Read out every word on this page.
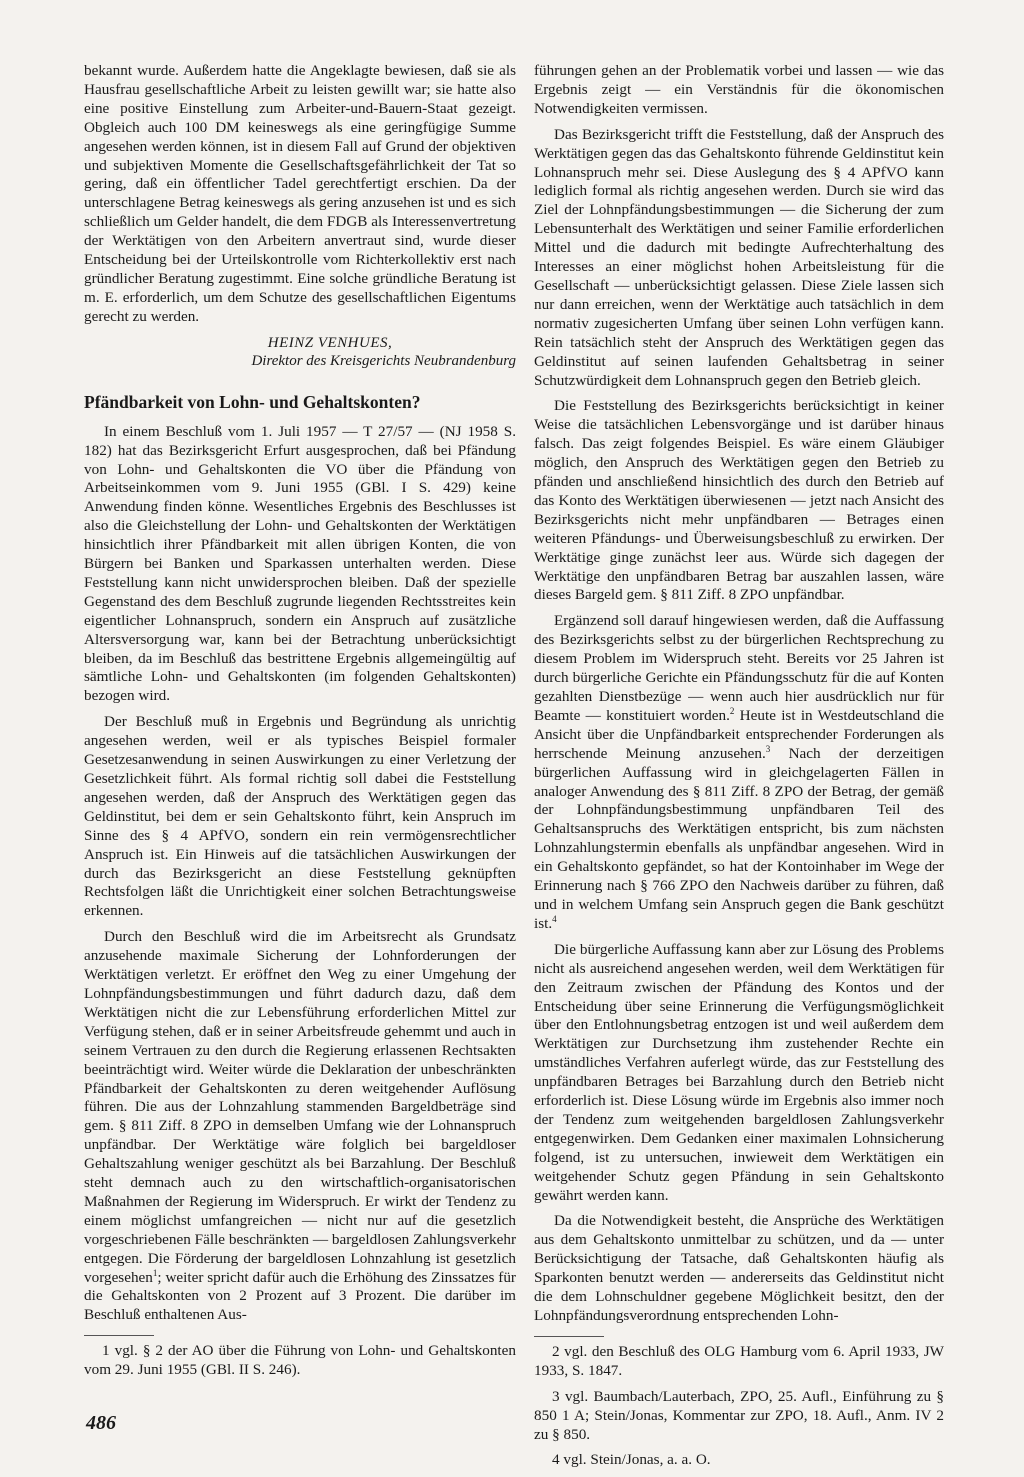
bekannt wurde. Außerdem hatte die Angeklagte bewiesen, daß sie als Hausfrau gesellschaftliche Arbeit zu leisten gewillt war; sie hatte also eine positive Einstellung zum Arbeiter-und-Bauern-Staat gezeigt. Obgleich auch 100 DM keineswegs als eine geringfügige Summe angesehen werden können, ist in diesem Fall auf Grund der objektiven und subjektiven Momente die Gesellschaftsgefährlichkeit der Tat so gering, daß ein öffentlicher Tadel gerechtfertigt erschien. Da der unterschlagene Betrag keineswegs als gering anzusehen ist und es sich schließlich um Gelder handelt, die dem FDGB als Interessenvertretung der Werktätigen von den Arbeitern anvertraut sind, wurde dieser Entscheidung bei der Urteilskontrolle vom Richterkollektiv erst nach gründlicher Beratung zugestimmt. Eine solche gründliche Beratung ist m. E. erforderlich, um dem Schutze des gesellschaftlichen Eigentums gerecht zu werden.

HEINZ VENHUES,
Direktor des Kreisgerichts Neubrandenburg
Pfändbarkeit von Lohn- und Gehaltskonten?

In einem Beschluß vom 1. Juli 1957 — T 27/57 — (NJ 1958 S. 182) hat das Bezirksgericht Erfurt ausgesprochen, daß bei Pfändung von Lohn- und Gehaltskonten die VO über die Pfändung von Arbeitseinkommen vom 9. Juni 1955 (GBl. I S. 429) keine Anwendung finden könne. Wesentliches Ergebnis des Beschlusses ist also die Gleichstellung der Lohn- und Gehaltskonten der Werktätigen hinsichtlich ihrer Pfändbarkeit mit allen übrigen Konten, die von Bürgern bei Banken und Sparkassen unterhalten werden. Diese Feststellung kann nicht unwidersprochen bleiben. Daß der spezielle Gegenstand des dem Beschluß zugrunde liegenden Rechtsstreites kein eigentlicher Lohnanspruch, sondern ein Anspruch auf zusätzliche Altersversorgung war, kann bei der Betrachtung unberücksichtigt bleiben, da im Beschluß das bestrittene Ergebnis allgemeingültig auf sämtliche Lohn- und Gehaltskonten (im folgenden Gehaltskonten) bezogen wird.

Der Beschluß muß in Ergebnis und Begründung als unrichtig angesehen werden, weil er als typisches Beispiel formaler Gesetzesanwendung in seinen Auswirkungen zu einer Verletzung der Gesetzlichkeit führt. Als formal richtig soll dabei die Feststellung angesehen werden, daß der Anspruch des Werktätigen gegen das Geldinstitut, bei dem er sein Gehaltskonto führt, kein Anspruch im Sinne des § 4 APfVO, sondern ein rein vermögensrechtlicher Anspruch ist. Ein Hinweis auf die tatsächlichen Auswirkungen der durch das Bezirksgericht an diese Feststellung geknüpften Rechtsfolgen läßt die Unrichtigkeit einer solchen Betrachtungsweise erkennen.

Durch den Beschluß wird die im Arbeitsrecht als Grundsatz anzusehende maximale Sicherung der Lohnforderungen der Werktätigen verletzt. Er eröffnet den Weg zu einer Umgehung der Lohnpfändungsbestimmungen und führt dadurch dazu, daß dem Werktätigen nicht die zur Lebensführung erforderlichen Mittel zur Verfügung stehen, daß er in seiner Arbeitsfreude gehemmt und auch in seinem Vertrauen zu den durch die Regierung erlassenen Rechtsakten beeinträchtigt wird. Weiter würde die Deklaration der unbeschränkten Pfändbarkeit der Gehaltskonten zu deren weitgehender Auflösung führen. Die aus der Lohnzahlung stammenden Bargeldbeträge sind gem. § 811 Ziff. 8 ZPO in demselben Umfang wie der Lohnanspruch unpfändbar. Der Werktätige wäre folglich bei bargeldloser Gehaltszahlung weniger geschützt als bei Barzahlung. Der Beschluß steht demnach auch zu den wirtschaftlich-organisatorischen Maßnahmen der Regierung im Widerspruch. Er wirkt der Tendenz zu einem möglichst umfangreichen — nicht nur auf die gesetzlich vorgeschriebenen Fälle beschränkten — bargeldlosen Zahlungsverkehr entgegen. Die Förderung der bargeldlosen Lohnzahlung ist gesetzlich vorgesehen$^1$; weiter spricht dafür auch die Erhöhung des Zinssatzes für die Gehaltskonten von 2 Prozent auf 3 Prozent. Die darüber im Beschluß enthaltenen Aus-

1 vgl. § 2 der AO über die Führung von Lohn- und Gehaltskonten vom 29. Juni 1955 (GBl. II S. 246).

führungen gehen an der Problematik vorbei und lassen — wie das Ergebnis zeigt — ein Verständnis für die ökonomischen Notwendigkeiten vermissen.

Das Bezirksgericht trifft die Feststellung, daß der Anspruch des Werktätigen gegen das das Gehaltskonto führende Geldinstitut kein Lohnanspruch mehr sei. Diese Auslegung des § 4 APfVO kann lediglich formal als richtig angesehen werden. Durch sie wird das Ziel der Lohnpfändungsbestimmungen — die Sicherung der zum Lebensunterhalt des Werktätigen und seiner Familie erforderlichen Mittel und die dadurch mit bedingte Aufrechterhaltung des Interesses an einer möglichst hohen Arbeitsleistung für die Gesellschaft — unberücksichtigt gelassen. Diese Ziele lassen sich nur dann erreichen, wenn der Werktätige auch tatsächlich in dem normativ zugesicherten Umfang über seinen Lohn verfügen kann. Rein tatsächlich steht der Anspruch des Werktätigen gegen das Geldinstitut auf seinen laufenden Gehaltsbetrag in seiner Schutzwürdigkeit dem Lohnanspruch gegen den Betrieb gleich.

Die Feststellung des Bezirksgerichts berücksichtigt in keiner Weise die tatsächlichen Lebensvorgänge und ist darüber hinaus falsch. Das zeigt folgendes Beispiel. Es wäre einem Gläubiger möglich, den Anspruch des Werktätigen gegen den Betrieb zu pfänden und anschließend hinsichtlich des durch den Betrieb auf das Konto des Werktätigen überwiesenen — jetzt nach Ansicht des Bezirksgerichts nicht mehr unpfändbaren — Betrages einen weiteren Pfändungs- und Überweisungsbeschluß zu erwirken. Der Werktätige ginge zunächst leer aus. Würde sich dagegen der Werktätige den unpfändbaren Betrag bar auszahlen lassen, wäre dieses Bargeld gem. § 811 Ziff. 8 ZPO unpfändbar.

Ergänzend soll darauf hingewiesen werden, daß die Auffassung des Bezirksgerichts selbst zu der bürgerlichen Rechtsprechung zu diesem Problem im Widerspruch steht. Bereits vor 25 Jahren ist durch bürgerliche Gerichte ein Pfändungsschutz für die auf Konten gezahlten Dienstbezüge — wenn auch hier ausdrücklich nur für Beamte — konstituiert worden.$^2$ Heute ist in Westdeutschland die Ansicht über die Unpfändbarkeit entsprechender Forderungen als herrschende Meinung anzusehen.$^3$ Nach der derzeitigen bürgerlichen Auffassung wird in gleichgelagerten Fällen in analoger Anwendung des § 811 Ziff. 8 ZPO der Betrag, der gemäß der Lohnpfändungsbestimmung unpfändbaren Teil des Gehaltsanspruchs des Werktätigen entspricht, bis zum nächsten Lohnzahlungstermin ebenfalls als unpfändbar angesehen. Wird in ein Gehaltskonto gepfändet, so hat der Kontoinhaber im Wege der Erinnerung nach § 766 ZPO den Nachweis darüber zu führen, daß und in welchem Umfang sein Anspruch gegen die Bank geschützt ist.$^4$

Die bürgerliche Auffassung kann aber zur Lösung des Problems nicht als ausreichend angesehen werden, weil dem Werktätigen für den Zeitraum zwischen der Pfändung des Kontos und der Entscheidung über seine Erinnerung die Verfügungsmöglichkeit über den Entlohnungsbetrag entzogen ist und weil außerdem dem Werktätigen zur Durchsetzung ihm zustehender Rechte ein umständliches Verfahren auferlegt würde, das zur Feststellung des unpfändbaren Betrages bei Barzahlung durch den Betrieb nicht erforderlich ist. Diese Lösung würde im Ergebnis also immer noch der Tendenz zum weitgehenden bargeldlosen Zahlungsverkehr entgegenwirken. Dem Gedanken einer maximalen Lohnsicherung folgend, ist zu untersuchen, inwieweit dem Werktätigen ein weitgehender Schutz gegen Pfändung in sein Gehaltskonto gewährt werden kann.

Da die Notwendigkeit besteht, die Ansprüche des Werktätigen aus dem Gehaltskonto unmittelbar zu schützen, und da — unter Berücksichtigung der Tatsache, daß Gehaltskonten häufig als Sparkonten benutzt werden — andererseits das Geldinstitut nicht die dem Lohnschuldner gegebene Möglichkeit besitzt, den der Lohnpfändungsverordnung entsprechenden Lohn-

2 vgl. den Beschluß des OLG Hamburg vom 6. April 1933, JW 1933, S. 1847.

3 vgl. Baumbach/Lauterbach, ZPO, 25. Aufl., Einführung zu § 850 1 A; Stein/Jonas, Kommentar zur ZPO, 18. Aufl., Anm. IV 2 zu § 850.

4 vgl. Stein/Jonas, a. a. O.

486
